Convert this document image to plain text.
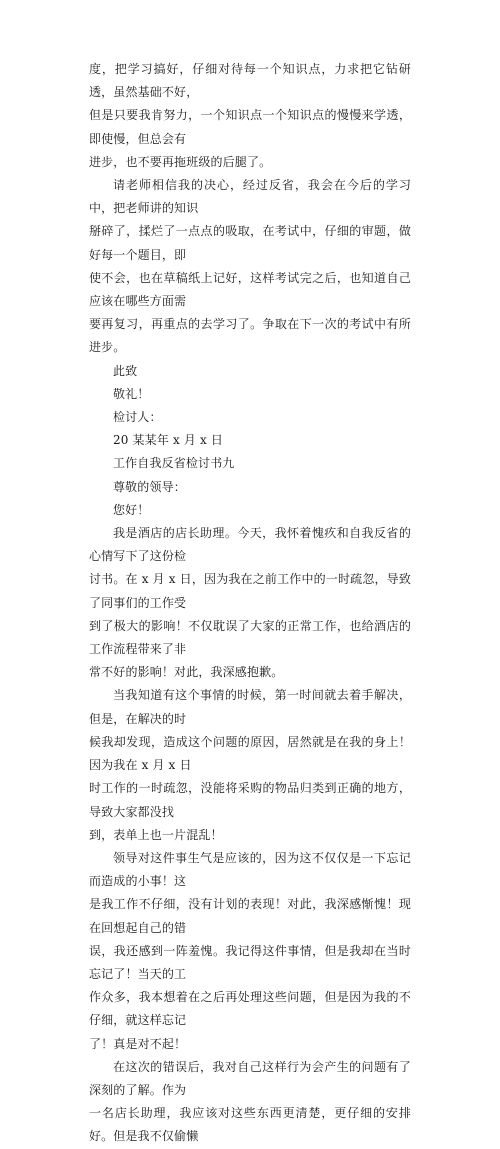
度，把学习搞好，仔细对待每一个知识点，力求把它钻研透，虽然基础不好，
但是只要我肯努力，一个知识点一个知识点的慢慢来学透，即使慢，但总会有
进步，也不要再拖班级的后腿了。
请老师相信我的决心，经过反省，我会在今后的学习中，把老师讲的知识
掰碎了，揉烂了一点点的吸取，在考试中，仔细的审题，做好每一个题目，即
使不会，也在草稿纸上记好，这样考试完之后，也知道自己应该在哪些方面需
要再复习，再重点的去学习了。争取在下一次的考试中有所进步。
此致
敬礼！
检讨人：
20 某某年 x 月 x 日
工作自我反省检讨书九
尊敬的领导：
您好！
我是酒店的店长助理。今天，我怀着愧疚和自我反省的心情写下了这份检
讨书。在 x 月 x 日，因为我在之前工作中的一时疏忽，导致了同事们的工作受
到了极大的影响！不仅耽误了大家的正常工作，也给酒店的工作流程带来了非
常不好的影响！对此，我深感抱歉。
当我知道有这个事情的时候，第一时间就去着手解决，但是，在解决的时
候我却发现，造成这个问题的原因，居然就是在我的身上！因为我在 x 月 x 日
时工作的一时疏忽，没能将采购的物品归类到正确的地方，导致大家都没找
到，表单上也一片混乱！
领导对这件事生气是应该的，因为这不仅仅是一下忘记而造成的小事！这
是我工作不仔细，没有计划的表现！对此，我深感惭愧！现在回想起自己的错
误，我还感到一阵羞愧。我记得这件事情，但是我却在当时忘记了！当天的工
作众多，我本想着在之后再处理这些问题，但是因为我的不仔细，就这样忘记
了！真是对不起！
在这次的错误后，我对自己这样行为会产生的问题有了深刻的了解。作为
一名店长助理，我应该对这些东西更清楚，更仔细的安排好。但是我不仅偷懒
